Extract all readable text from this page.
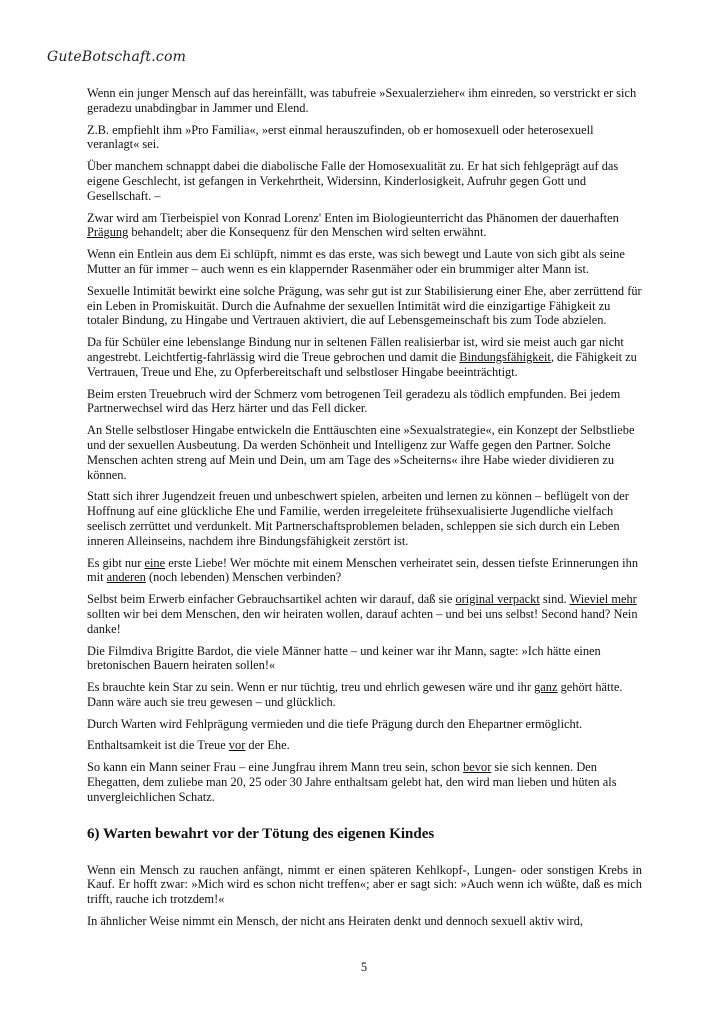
GuteBotschaft.com

Wenn ein junger Mensch auf das hereinfällt, was tabufreie »Sexualerzieher« ihm einreden, so verstrickt er sich geradezu unabdingbar in Jammer und Elend.

Z.B. empfiehlt ihm »Pro Familia«, »erst einmal herauszufinden, ob er homosexuell oder heterosexuell veranlagt« sei.

Über manchem schnappt dabei die diabolische Falle der Homosexualität zu. Er hat sich fehlgeprägt auf das eigene Geschlecht, ist gefangen in Verkehrtheit, Widersinn, Kinderlosigkeit, Aufruhr gegen Gott und Gesellschaft. –

Zwar wird am Tierbeispiel von Konrad Lorenz' Enten im Biologieunterricht das Phänomen der dauerhaften Prägung behandelt; aber die Konsequenz für den Menschen wird selten erwähnt.

Wenn ein Entlein aus dem Ei schlüpft, nimmt es das erste, was sich bewegt und Laute von sich gibt als seine Mutter an für immer – auch wenn es ein klappernder Rasenmäher oder ein brummiger alter Mann ist.

Sexuelle Intimität bewirkt eine solche Prägung, was sehr gut ist zur Stabilisierung einer Ehe, aber zerrüttend für ein Leben in Promiskuität. Durch die Aufnahme der sexuellen Intimität wird die einzigartige Fähigkeit zu totaler Bindung, zu Hingabe und Vertrauen aktiviert, die auf Lebensgemeinschaft bis zum Tode abzielen.

Da für Schüler eine lebenslange Bindung nur in seltenen Fällen realisierbar ist, wird sie meist auch gar nicht angestrebt. Leichtfertig-fahrlässig wird die Treue gebrochen und damit die Bindungsfähigkeit, die Fähigkeit zu Vertrauen, Treue und Ehe, zu Opferbereitschaft und selbstloser Hingabe beeinträchtigt.

Beim ersten Treuebruch wird der Schmerz vom betrogenen Teil geradezu als tödlich empfunden. Bei jedem Partnerwechsel wird das Herz härter und das Fell dicker.

An Stelle selbstloser Hingabe entwickeln die Enttäuschten eine »Sexualstrategie«, ein Konzept der Selbstliebe und der sexuellen Ausbeutung. Da werden Schönheit und Intelligenz zur Waffe gegen den Partner. Solche Menschen achten streng auf Mein und Dein, um am Tage des »Scheiterns« ihre Habe wieder dividieren zu können.

Statt sich ihrer Jugendzeit freuen und unbeschwert spielen, arbeiten und lernen zu können – beflügelt von der Hoffnung auf eine glückliche Ehe und Familie, werden irregeleitete frühsexualisierte Jugendliche vielfach seelisch zerrüttet und verdunkelt. Mit Partnerschaftsproblemen beladen, schleppen sie sich durch ein Leben inneren Alleinseins, nachdem ihre Bindungsfähigkeit zerstört ist.

Es gibt nur eine erste Liebe! Wer möchte mit einem Menschen verheiratet sein, dessen tiefste Erinnerungen ihn mit anderen (noch lebenden) Menschen verbinden?

Selbst beim Erwerb einfacher Gebrauchsartikel achten wir darauf, daß sie original verpackt sind. Wieviel mehr sollten wir bei dem Menschen, den wir heiraten wollen, darauf achten – und bei uns selbst! Second hand? Nein danke!

Die Filmdiva Brigitte Bardot, die viele Männer hatte – und keiner war ihr Mann, sagte: »Ich hätte einen bretonischen Bauern heiraten sollen!«

Es brauchte kein Star zu sein. Wenn er nur tüchtig, treu und ehrlich gewesen wäre und ihr ganz gehört hätte. Dann wäre auch sie treu gewesen – und glücklich.

Durch Warten wird Fehlprägung vermieden und die tiefe Prägung durch den Ehepartner ermöglicht.

Enthaltsamkeit ist die Treue vor der Ehe.

So kann ein Mann seiner Frau – eine Jungfrau ihrem Mann treu sein, schon bevor sie sich kennen. Den Ehegatten, dem zuliebe man 20, 25 oder 30 Jahre enthaltsam gelebt hat, den wird man lieben und hüten als unvergleichlichen Schatz.

6) Warten bewahrt vor der Tötung des eigenen Kindes

Wenn ein Mensch zu rauchen anfängt, nimmt er einen späteren Kehlkopf-, Lungen- oder sonstigen Krebs in Kauf. Er hofft zwar: »Mich wird es schon nicht treffen«; aber er sagt sich: »Auch wenn ich wüßte, daß es mich trifft, rauche ich trotzdem!«

In ähnlicher Weise nimmt ein Mensch, der nicht ans Heiraten denkt und dennoch sexuell aktiv wird,

5
